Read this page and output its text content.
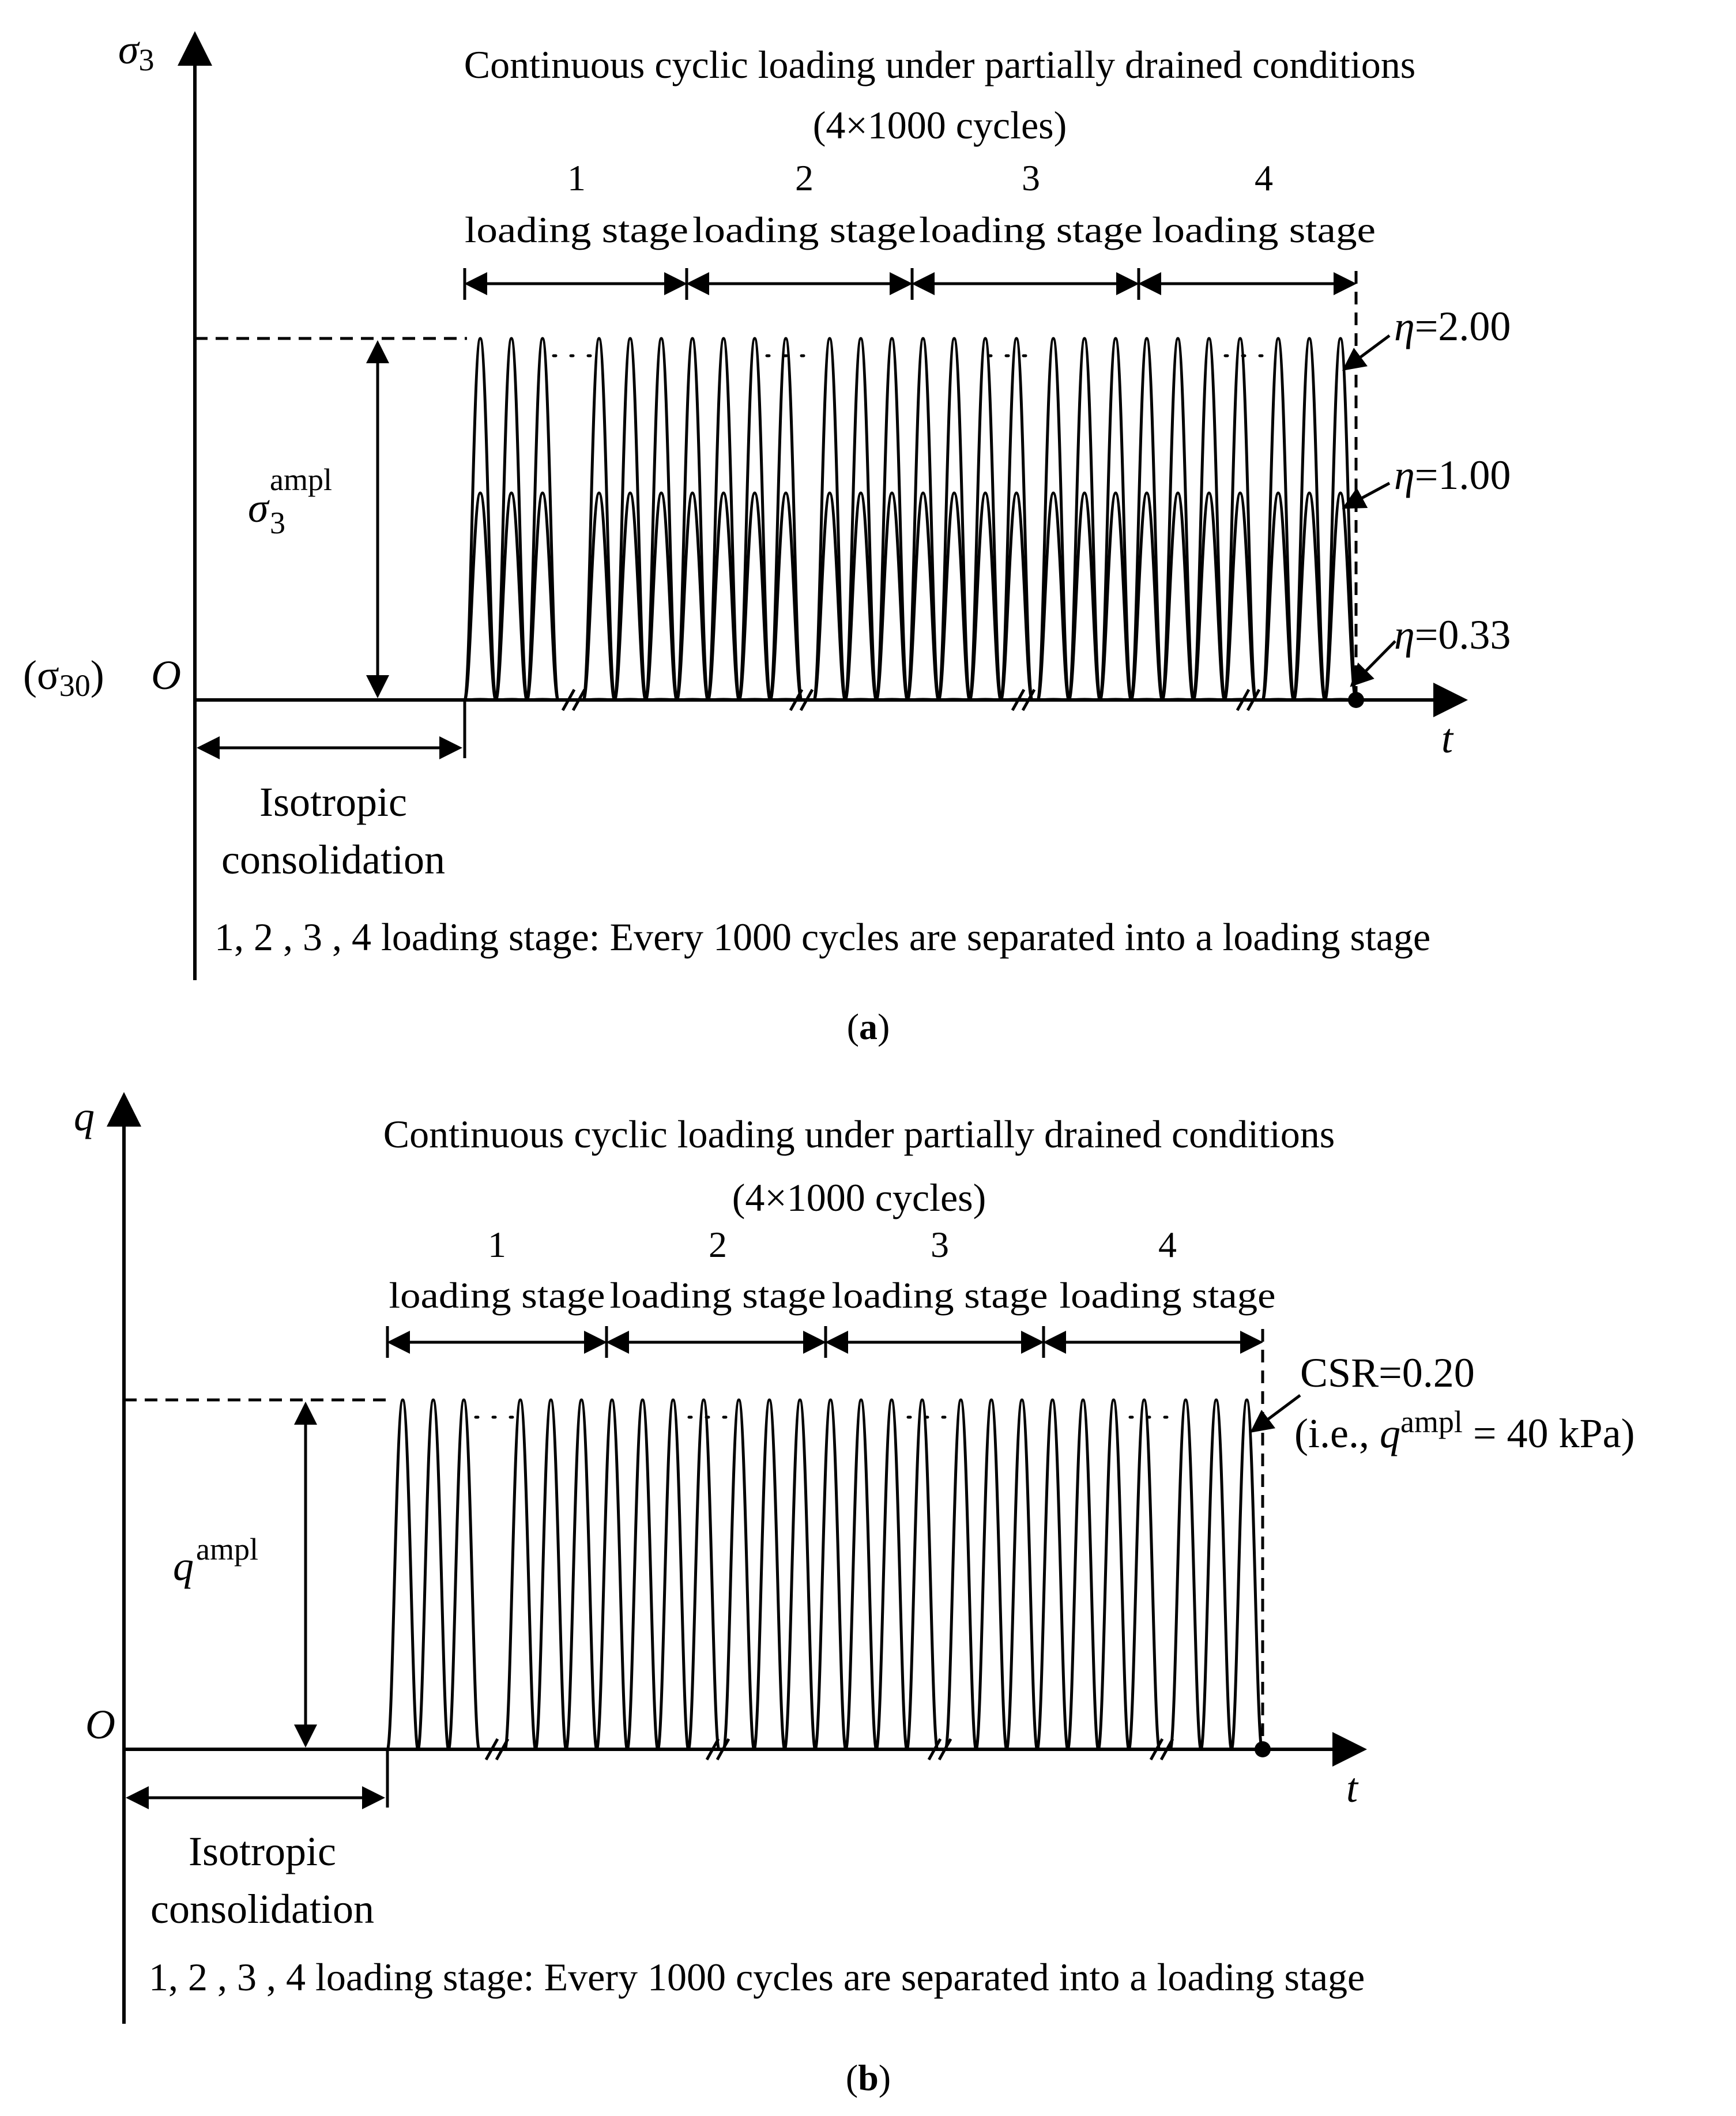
σ3
t
O
(σ30)
Continuous cyclic loading under partially drained conditions
(4×1000 cycles)
1	2	3	4
loading stage loading stage loading stage loading stage
σ
ampl
3
Isotropic
consolidation
η=2.00
η=1.00
η=0.33
1, 2 , 3 , 4 loading stage: Every 1000 cycles are separated into a loading stage
(a)
q
t
O
Continuous cyclic loading under partially drained conditions
(4×1000 cycles)
1	2	3	4
loading stage loading stage loading stage loading stage
q ampl
Isotropic
consolidation
CSR=0.20
(i.e., $q^{ampl} = 40$ kPa)
1, 2 , 3 , 4 loading stage: Every 1000 cycles are separated into a loading stage
(b)
